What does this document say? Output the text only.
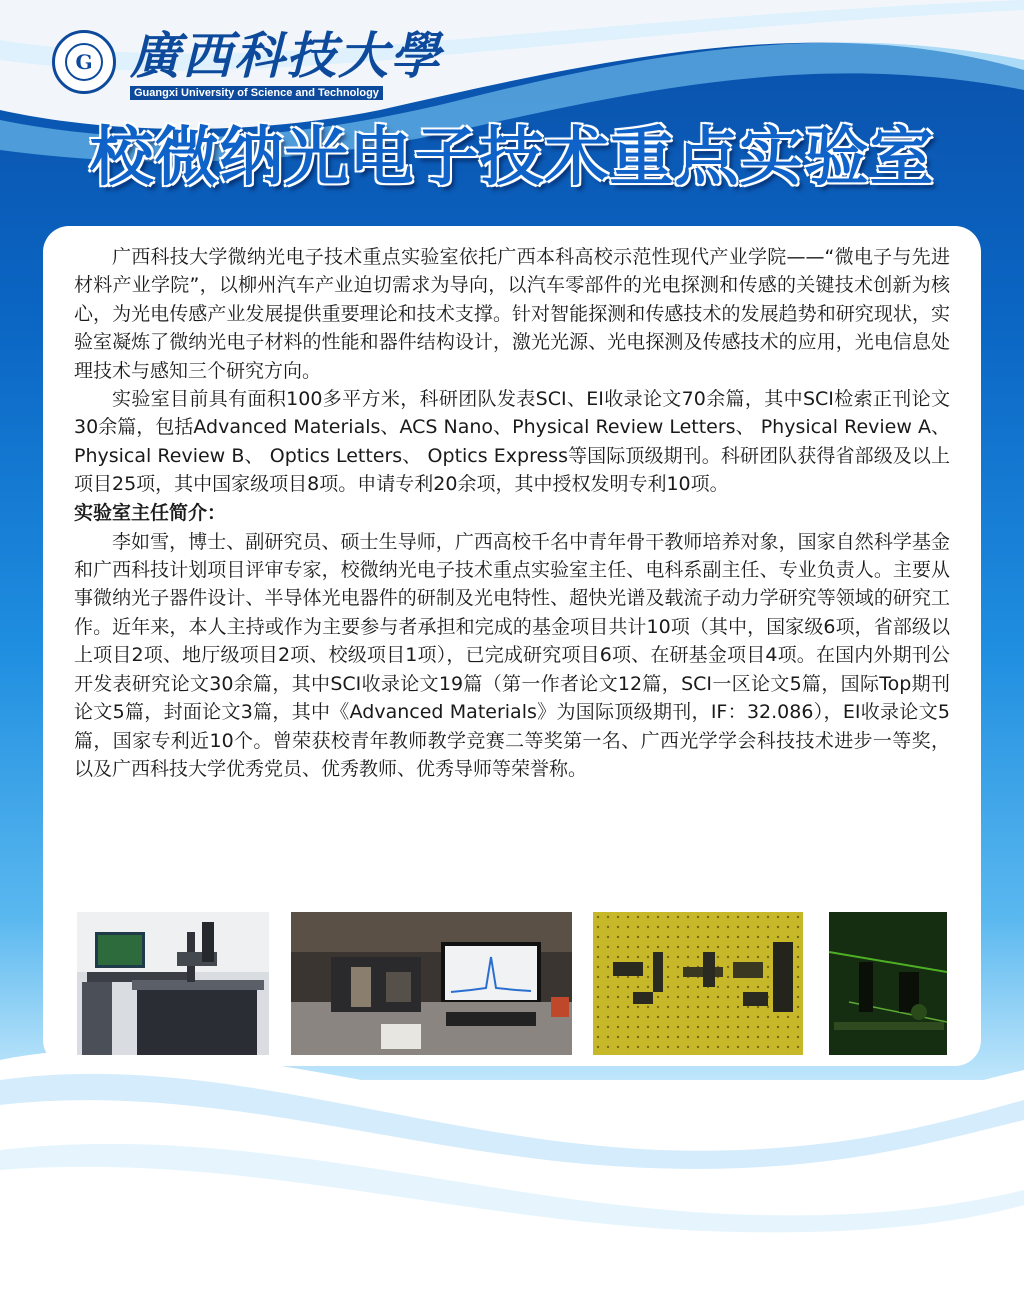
G 廣西科技大學
Guangxi University of Science and Technology
校微纳光电子技术重点实验室

广西科技大学微纳光电子技术重点实验室依托广西本科高校示范性现代产业学院——“微电子与先进材料产业学院”，以柳州汽车产业迫切需求为导向，以汽车零部件的光电探测和传感的关键技术创新为核心，为光电传感产业发展提供重要理论和技术支撑。针对智能探测和传感技术的发展趋势和研究现状，实验室凝炼了微纳光电子材料的性能和器件结构设计，激光光源、光电探测及传感技术的应用，光电信息处理技术与感知三个研究方向。

实验室目前具有面积100多平方米，科研团队发表SCI、EI收录论文70余篇，其中SCI检索正刊论文30余篇，包括Advanced Materials、ACS Nano、Physical Review Letters、 Physical Review A、 Physical Review B、 Optics Letters、 Optics Express等国际顶级期刊。科研团队获得省部级及以上项目25项，其中国家级项目8项。申请专利20余项，其中授权发明专利10项。

实验室主任简介：

李如雪，博士、副研究员、硕士生导师，广西高校千名中青年骨干教师培养对象，国家自然科学基金和广西科技计划项目评审专家，校微纳光电子技术重点实验室主任、电科系副主任、专业负责人。主要从事微纳光子器件设计、半导体光电器件的研制及光电特性、超快光谱及载流子动力学研究等领域的研究工作。近年来，本人主持或作为主要参与者承担和完成的基金项目共计10项（其中，国家级6项，省部级以上项目2项、地厅级项目2项、校级项目1项），已完成研究项目6项、在研基金项目4项。在国内外期刊公开发表研究论文30余篇，其中SCI收录论文19篇（第一作者论文12篇，SCI一区论文5篇，国际Top期刊论文5篇，封面论文3篇，其中《Advanced Materials》为国际顶级期刊，IF：32.086），EI收录论文5篇，国家专利近10个。曾荣获校青年教师教学竞赛二等奖第一名、广西光学学会科技技术进步一等奖，以及广西科技大学优秀党员、优秀教师、优秀导师等荣誉称。
